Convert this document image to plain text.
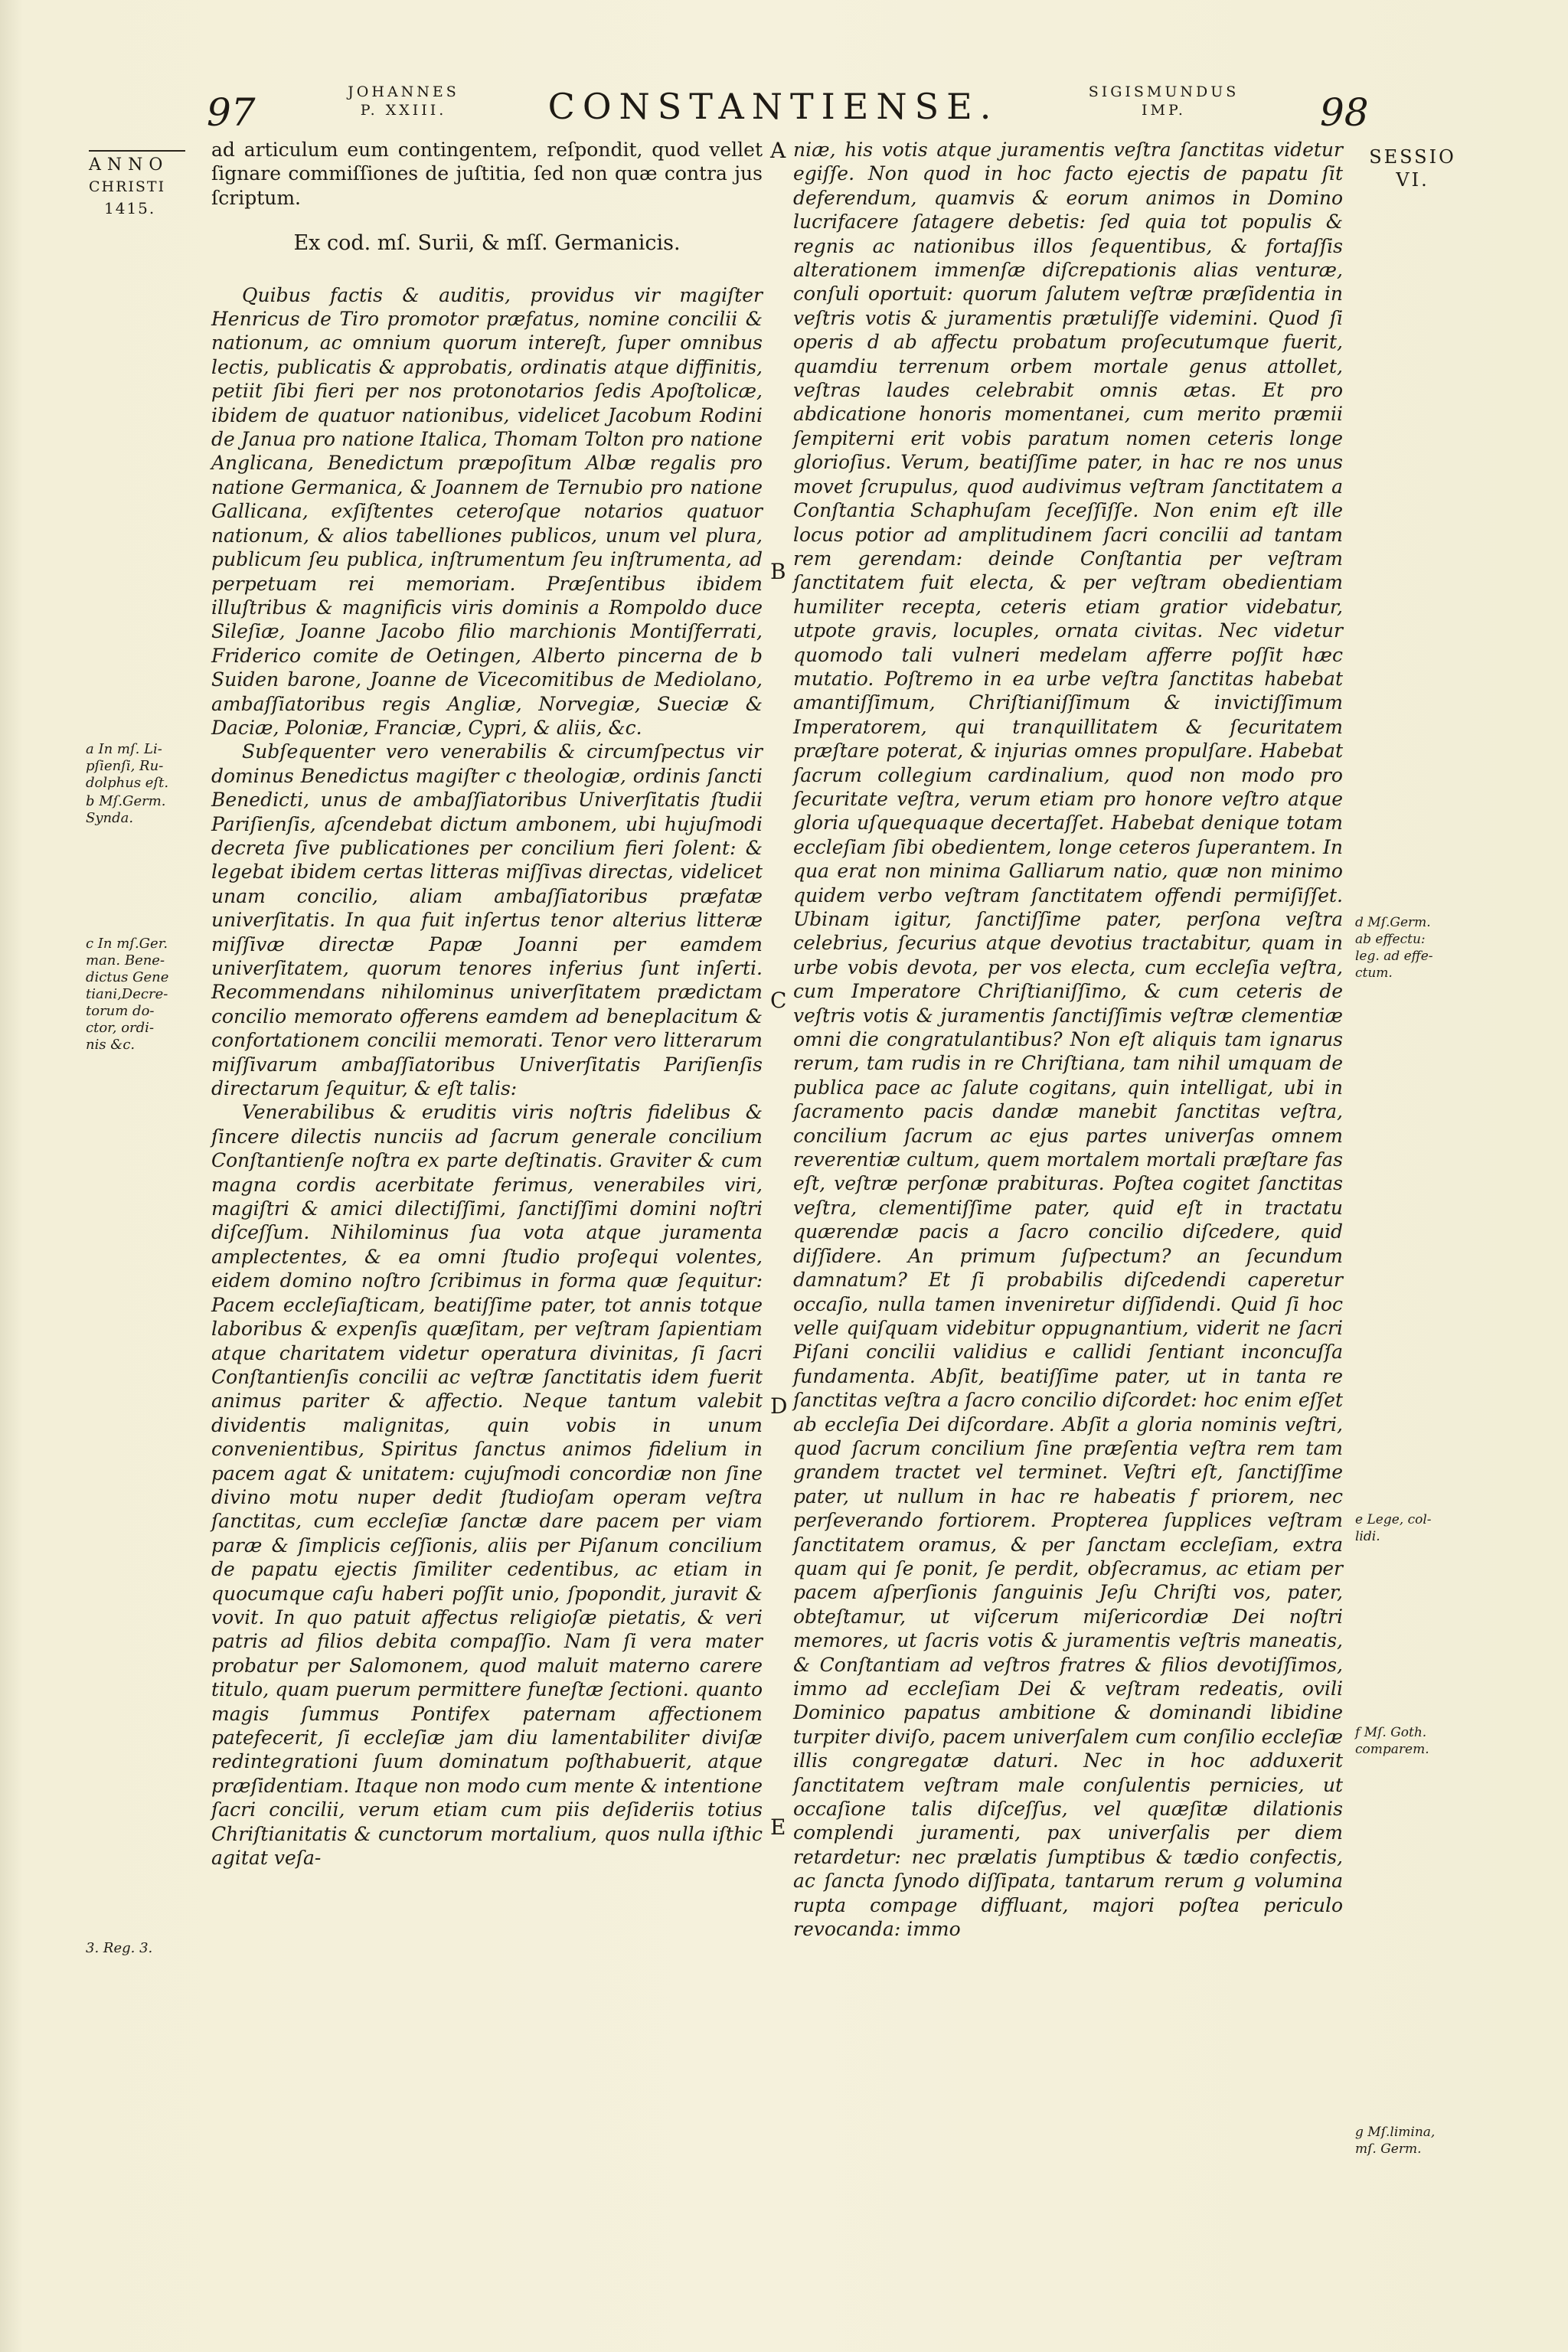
97	JOHANNES
P. XXIII.	CONSTANTIENSE.	SIGISMUNDUS
IMP.	98
ANNO
CHRISTI
1415.
a In mſ. Li-
pſienſi, Ru-
dolphus eſt.
b Mſ.Germ.
Synda.
c In mſ.Ger.
man. Bene-
dictus Gene
tiani,Decre-
torum do-
ctor, ordi-
nis &c.
3. Reg. 3.
SESSIO
VI.
d Mſ.Germ.
ab effectu:
leg. ad effe-
ctum.
e Lege, col-
lidi.
f Mſ. Goth.
comparem.
g Mſ.limina,
mſ. Germ.
A
B
C
D
E

ad articulum eum contingentem, reſpondit, quod vellet ſignare commiſſiones de juſtitia, ſed non quæ contra jus ſcriptum.

Ex cod. mſ. Surii, & mſſ. Germanicis.

Quibus factis & auditis, providus vir magiſter Henricus de Tiro promotor præfatus, nomine concilii & nationum, ac omnium quorum intereſt, ſuper omnibus lectis, publicatis & approbatis, ordinatis atque diffinitis, petiit ſibi fieri per nos protonotarios ſedis Apoſtolicæ, ibidem de quatuor nationibus, videlicet Jacobum Rodini de Janua pro natione Italica, Thomam Tolton pro natione Anglicana, Benedictum præpoſitum Albæ regalis pro natione Germanica, & Joannem de Ternubio pro natione Gallicana, exſiſtentes ceteroſque notarios quatuor nationum, & alios tabelliones publicos, unum vel plura, publicum ſeu publica, inſtrumentum ſeu inſtrumenta, ad perpetuam rei memoriam. Præſentibus ibidem illuſtribus & magnificis viris dominis a Rompoldo duce Sileſiæ, Joanne Jacobo filio marchionis Montiſferrati, Friderico comite de Oetingen, Alberto pincerna de b Suiden barone, Joanne de Vicecomitibus de Mediolano, ambaſſiatoribus regis Angliæ, Norvegiæ, Sueciæ & Daciæ, Poloniæ, Franciæ, Cypri, & aliis, &c.

Subſequenter vero venerabilis & circumſpectus vir dominus Benedictus magiſter c theologiæ, ordinis ſancti Benedicti, unus de ambaſſiatoribus Univerſitatis ſtudii Pariſienſis, aſcendebat dictum ambonem, ubi hujuſmodi decreta ſive publicationes per concilium fieri ſolent: & legebat ibidem certas litteras miſſivas directas, videlicet unam concilio, aliam ambaſſiatoribus præfatæ univerſitatis. In qua fuit inſertus tenor alterius litteræ miſſivæ directæ Papæ Joanni per eamdem univerſitatem, quorum tenores inferius ſunt inſerti. Recommendans nihilominus univerſitatem prædictam concilio memorato offerens eamdem ad beneplacitum & confortationem concilii memorati. Tenor vero litterarum miſſivarum ambaſſiatoribus Univerſitatis Pariſienſis directarum ſequitur, & eſt talis:

Venerabilibus & eruditis viris noſtris fidelibus & ſincere dilectis nunciis ad ſacrum generale concilium Conſtantienſe noſtra ex parte deſtinatis. Graviter & cum magna cordis acerbitate ferimus, venerabiles viri, magiſtri & amici dilectiſſimi, ſanctiſſimi domini noſtri diſceſſum. Nihilominus ſua vota atque juramenta amplectentes, & ea omni ſtudio proſequi volentes, eidem domino noſtro ſcribimus in forma quæ ſequitur: Pacem eccleſiaſticam, beatiſſime pater, tot annis totque laboribus & expenſis quæſitam, per veſtram ſapientiam atque charitatem videtur operatura divinitas, ſi ſacri Conſtantienſis concilii ac veſtræ ſanctitatis idem fuerit animus pariter & affectio. Neque tantum valebit dividentis malignitas, quin vobis in unum convenientibus, Spiritus ſanctus animos fidelium in pacem agat & unitatem: cujuſmodi concordiæ non ſine divino motu nuper dedit ſtudioſam operam veſtra ſanctitas, cum eccleſiæ ſanctæ dare pacem per viam paræ & ſimplicis ceſſionis, aliis per Piſanum concilium de papatu ejectis ſimiliter cedentibus, ac etiam in quocumque caſu haberi poſſit unio, ſpopondit, juravit & vovit. In quo patuit affectus religioſæ pietatis, & veri patris ad filios debita compaſſio. Nam ſi vera mater probatur per Salomonem, quod maluit materno carere titulo, quam puerum permittere funeſtæ ſectioni. quanto magis ſummus Pontifex paternam affectionem patefecerit, ſi eccleſiæ jam diu lamentabiliter diviſæ redintegrationi ſuum dominatum poſthabuerit, atque præſidentiam. Itaque non modo cum mente & intentione ſacri concilii, verum etiam cum piis deſideriis totius Chriſtianitatis & cunctorum mortalium, quos nulla iſthic agitat veſa-

niæ, his votis atque juramentis veſtra ſanctitas videtur egiſſe. Non quod in hoc facto ejectis de papatu ſit deferendum, quamvis & eorum animos in Domino lucrifacere ſatagere debetis: ſed quia tot populis & regnis ac nationibus illos ſequentibus, & fortaſſis alterationem immenſæ diſcrepationis alias venturæ, conſuli oportuit: quorum ſalutem veſtræ præſidentia in veſtris votis & juramentis prætuliſſe videmini. Quod ſi operis d ab affectu probatum proſecutumque fuerit, quamdiu terrenum orbem mortale genus attollet, veſtras laudes celebrabit omnis ætas. Et pro abdicatione honoris momentanei, cum merito præmii ſempiterni erit vobis paratum nomen ceteris longe glorioſius. Verum, beatiſſime pater, in hac re nos unus movet ſcrupulus, quod audivimus veſtram ſanctitatem a Conſtantia Schaphuſam ſeceſſiſſe. Non enim eſt ille locus potior ad amplitudinem ſacri concilii ad tantam rem gerendam: deinde Conſtantia per veſtram ſanctitatem fuit electa, & per veſtram obedientiam humiliter recepta, ceteris etiam gratior videbatur, utpote gravis, locuples, ornata civitas. Nec videtur quomodo tali vulneri medelam afferre poſſit hæc mutatio. Poſtremo in ea urbe veſtra ſanctitas habebat amantiſſimum, Chriſtianiſſimum & invictiſſimum Imperatorem, qui tranquillitatem & ſecuritatem præſtare poterat, & injurias omnes propulſare. Habebat ſacrum collegium cardinalium, quod non modo pro ſecuritate veſtra, verum etiam pro honore veſtro atque gloria uſquequaque decertaſſet. Habebat denique totam eccleſiam ſibi obedientem, longe ceteros ſuperantem. In qua erat non minima Galliarum natio, quæ non minimo quidem verbo veſtram ſanctitatem offendi permiſiſſet. Ubinam igitur, ſanctiſſime pater, perſona veſtra celebrius, ſecurius atque devotius tractabitur, quam in urbe vobis devota, per vos electa, cum eccleſia veſtra, cum Imperatore Chriſtianiſſimo, & cum ceteris de veſtris votis & juramentis ſanctiſſimis veſtræ clementiæ omni die congratulantibus? Non eſt aliquis tam ignarus rerum, tam rudis in re Chriſtiana, tam nihil umquam de publica pace ac ſalute cogitans, quin intelligat, ubi in ſacramento pacis dandæ manebit ſanctitas veſtra, concilium ſacrum ac ejus partes univerſas omnem reverentiæ cultum, quem mortalem mortali præſtare fas eſt, veſtræ perſonæ prabituras. Poſtea cogitet ſanctitas veſtra, clementiſſime pater, quid eſt in tractatu quærendæ pacis a ſacro concilio diſcedere, quid diſſidere. An primum ſuſpectum? an ſecundum damnatum? Et ſi probabilis diſcedendi caperetur occaſio, nulla tamen inveniretur diſſidendi. Quid ſi hoc velle quiſquam videbitur oppugnantium, viderit ne ſacri Piſani concilii validius e callidi ſentiant inconcuſſa fundamenta. Abſit, beatiſſime pater, ut in tanta re ſanctitas veſtra a ſacro concilio diſcordet: hoc enim eſſet ab eccleſia Dei diſcordare. Abſit a gloria nominis veſtri, quod ſacrum concilium ſine præſentia veſtra rem tam grandem tractet vel terminet. Veſtri eſt, ſanctiſſime pater, ut nullum in hac re habeatis f priorem, nec perſeverando fortiorem. Propterea ſupplices veſtram ſanctitatem oramus, & per ſanctam eccleſiam, extra quam qui ſe ponit, ſe perdit, obſecramus, ac etiam per pacem aſperſionis ſanguinis Jeſu Chriſti vos, pater, obteſtamur, ut viſcerum miſericordiæ Dei noſtri memores, ut ſacris votis & juramentis veſtris maneatis, & Conſtantiam ad veſtros fratres & filios devotiſſimos, immo ad eccleſiam Dei & veſtram redeatis, ovili Dominico papatus ambitione & dominandi libidine turpiter diviſo, pacem univerſalem cum conſilio eccleſiæ illis congregatæ daturi. Nec in hoc adduxerit ſanctitatem veſtram male conſulentis pernicies, ut occaſione talis diſceſſus, vel quæſitæ dilationis complendi juramenti, pax univerſalis per diem retardetur: nec prælatis ſumptibus & tædio confectis, ac ſancta ſynodo diſſipata, tantarum rerum g volumina rupta compage diffluant, majori poſtea periculo revocanda: immo
